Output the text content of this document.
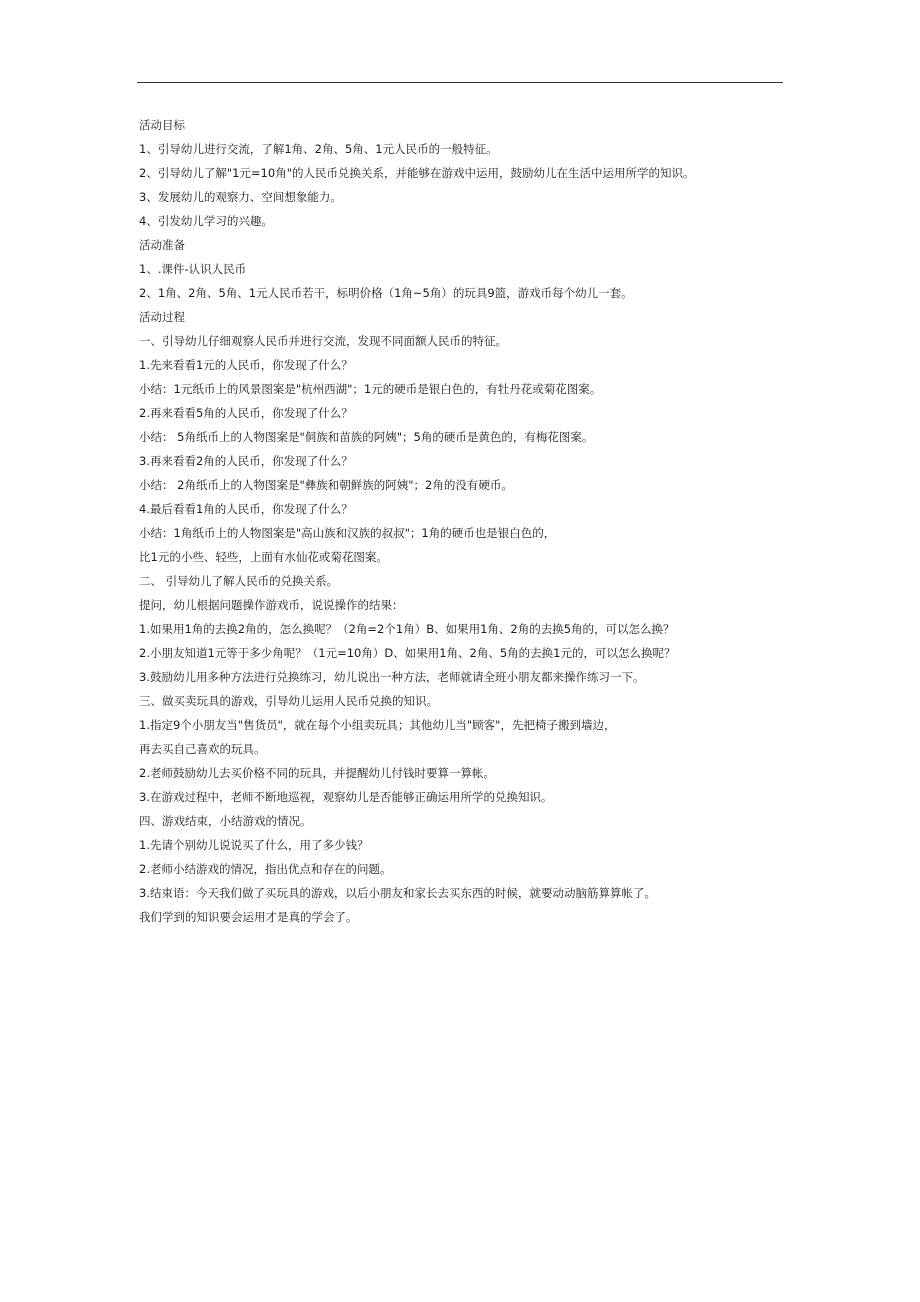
活动目标
1、引导幼儿进行交流，了解1角、2角、5角、1元人民币的一般特征。
2、引导幼儿了解"1元=10角"的人民币兑换关系，并能够在游戏中运用，鼓励幼儿在生活中运用所学的知识。
3、发展幼儿的观察力、空间想象能力。
4、引发幼儿学习的兴趣。
活动准备
1、.课件-认识人民币
2、1角、2角、5角、1元人民币若干，标明价格（1角~5角）的玩具9篮，游戏币每个幼儿一套。
活动过程
一、引导幼儿仔细观察人民币并进行交流，发现不同面额人民币的特征。
1.先来看看1元的人民币，你发现了什么？
小结：1元纸币上的风景图案是"杭州西湖"；1元的硬币是银白色的，有牡丹花或菊花图案。
2.再来看看5角的人民币，你发现了什么？
小结： 5角纸币上的人物图案是"侗族和苗族的阿姨"；5角的硬币是黄色的，有梅花图案。
3.再来看看2角的人民币，你发现了什么？
小结： 2角纸币上的人物图案是"彝族和朝鲜族的阿姨"；2角的没有硬币。
4.最后看看1角的人民币，你发现了什么？
小结：1角纸币上的人物图案是"高山族和汉族的叔叔"；1角的硬币也是银白色的，
比1元的小些、轻些，上面有水仙花或菊花图案。
二、 引导幼儿了解人民币的兑换关系。
提问，幼儿根据问题操作游戏币，说说操作的结果：
1.如果用1角的去换2角的，怎么换呢？（2角=2个1角）B、如果用1角、2角的去换5角的，可以怎么换？
2.小朋友知道1元等于多少角呢？（1元=10角）D、如果用1角、2角、5角的去换1元的，可以怎么换呢？
3.鼓励幼儿用多种方法进行兑换练习，幼儿说出一种方法，老师就请全班小朋友都来操作练习一下。
三、做买卖玩具的游戏，引导幼儿运用人民币兑换的知识。
1.指定9个小朋友当"售货员"，就在每个小组卖玩具；其他幼儿当"顾客"，先把椅子搬到墙边，
再去买自己喜欢的玩具。
2.老师鼓励幼儿去买价格不同的玩具，并提醒幼儿付钱时要算一算帐。
3.在游戏过程中，老师不断地巡视，观察幼儿是否能够正确运用所学的兑换知识。
四、游戏结束，小结游戏的情况。
1.先请个别幼儿说说买了什么，用了多少钱？
2.老师小结游戏的情况，指出优点和存在的问题。
3.结束语：今天我们做了买玩具的游戏，以后小朋友和家长去买东西的时候，就要动动脑筋算算帐了。
我们学到的知识要会运用才是真的学会了。
